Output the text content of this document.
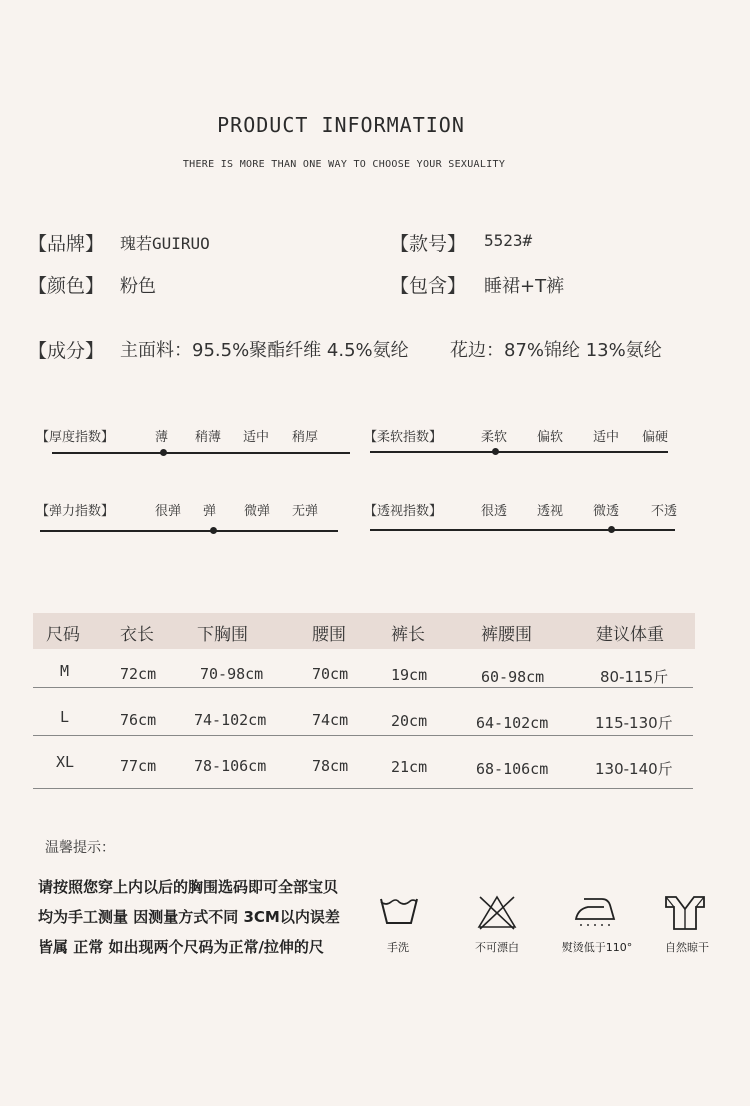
PRODUCT INFORMATION
THERE IS MORE THAN ONE WAY TO CHOOSE YOUR SEXUALITY
【品牌】 瑰若GUIRUO	【款号】 5523#
【颜色】 粉色	【包含】 睡裙+T裤
【成分】 主面料：95.5%聚酯纤维 4.5%氨纶 花边：87%锦纶 13%氨纶
【厚度指数】	薄 稍薄 适中 稍厚	【柔软指数】	柔软 偏软 适中 偏硬
【弹力指数】	很弹 弹 微弹 无弹	【透视指数】	很透 透视 微透 不透
尺码 衣长	下胸围	腰围	裤长	裤腰围	建议体重
M	72cm	70-98cm	70cm	19cm	60-98cm	80-115斤
L	76cm	74-102cm	74cm	20cm	64-102cm	115-130斤
XL	77cm	78-106cm	78cm	21cm	68-106cm	130-140斤
温馨提示：
请按照您穿上内以后的胸围选码即可全部宝贝
均为手工测量 因测量方式不同 3CM以内误差
皆属 正常 如出现两个尺码为正常/拉伸的尺	手洗	不可漂白	熨烫低于110°	自然晾干
